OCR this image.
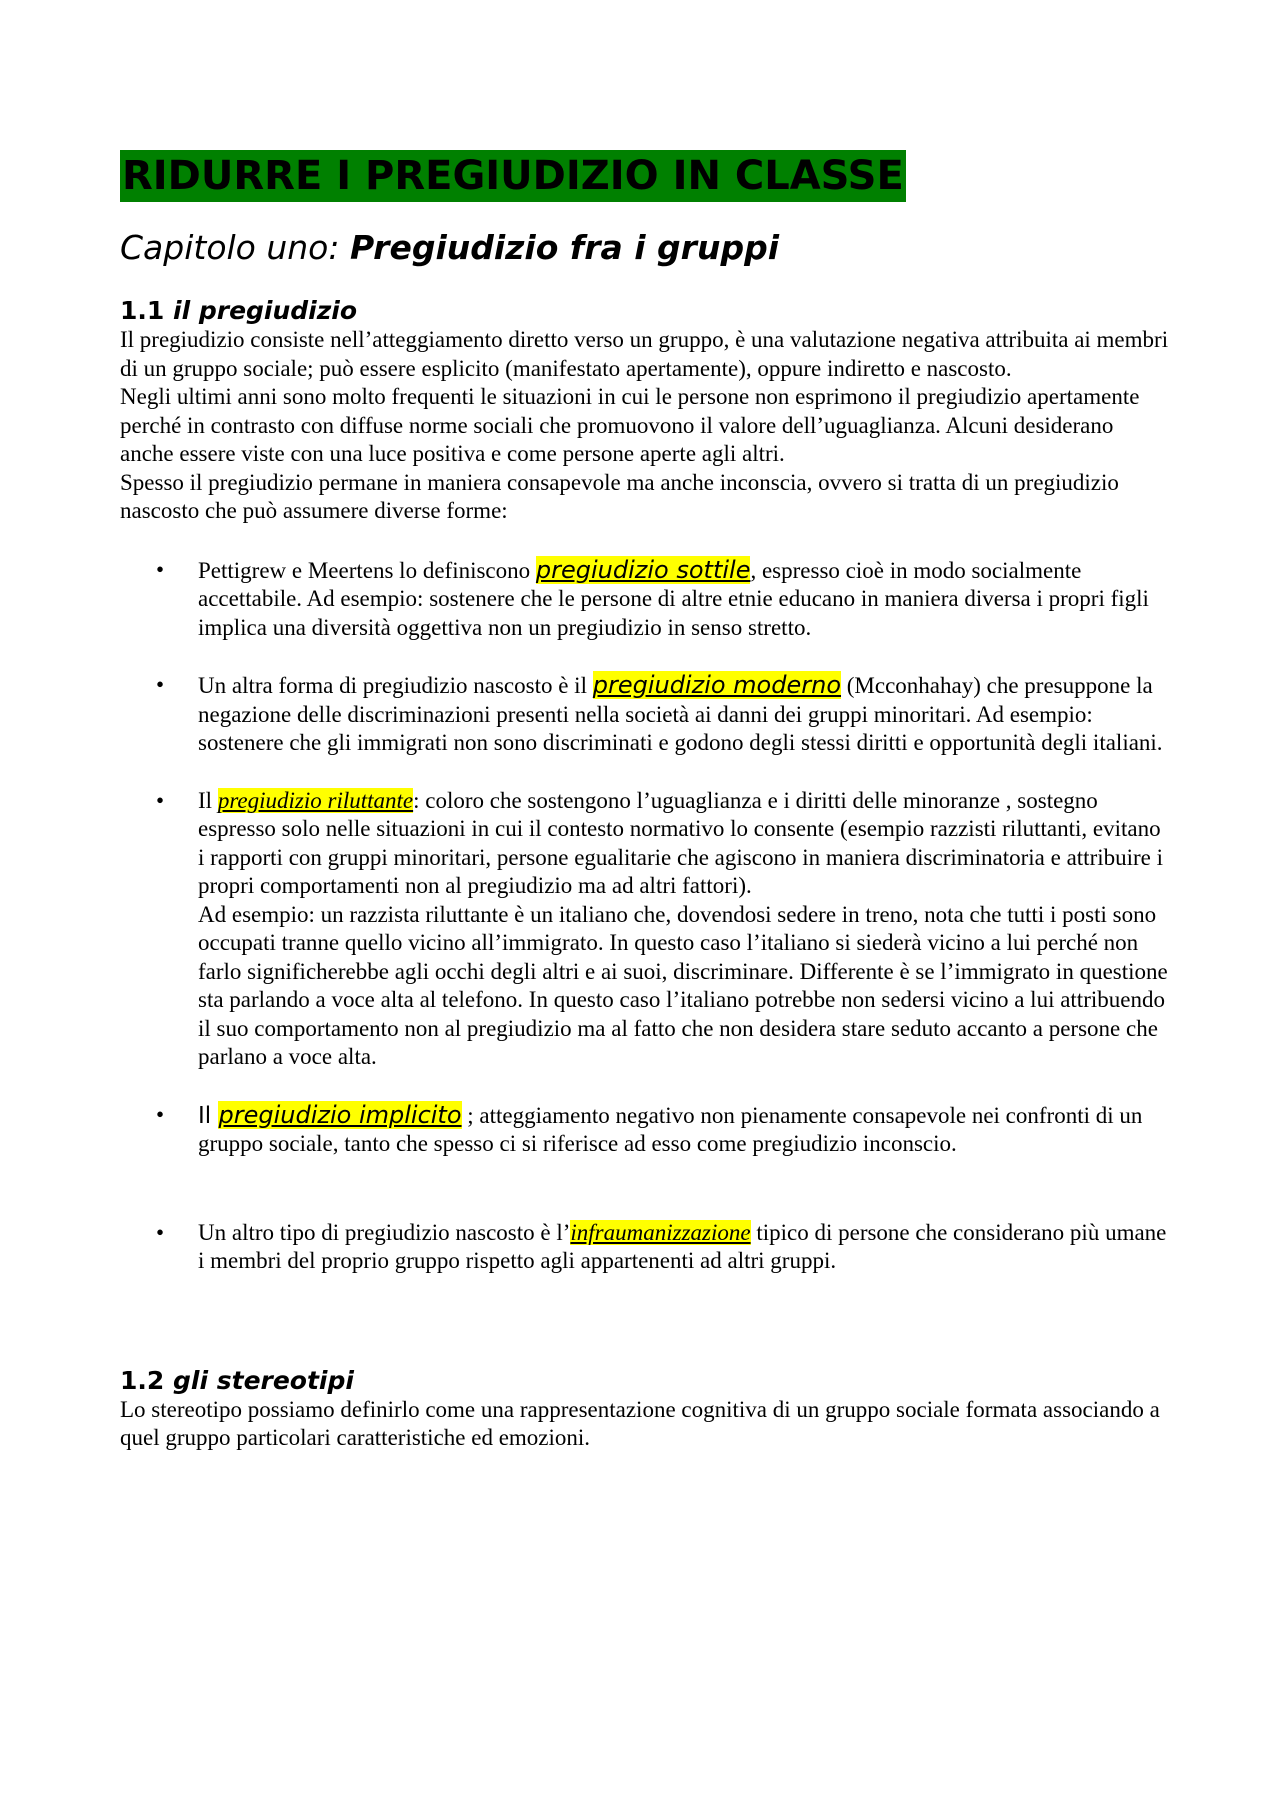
RIDURRE I PREGIUDIZIO IN CLASSE
Capitolo uno: Pregiudizio fra i gruppi
1.1 il pregiudizio

Il pregiudizio consiste nell’atteggiamento diretto verso un gruppo, è una valutazione negativa attribuita ai membri di un gruppo sociale; può essere esplicito (manifestato apertamente), oppure indiretto e nascosto.

Negli ultimi anni sono molto frequenti le situazioni in cui le persone non esprimono il pregiudizio apertamente perché in contrasto con diffuse norme sociali che promuovono il valore dell’uguaglianza. Alcuni desiderano anche essere viste con una luce positiva e come persone aperte agli altri.

Spesso il pregiudizio permane in maniera consapevole ma anche inconscia, ovvero si tratta di un pregiudizio nascosto che può assumere diverse forme:

• Pettigrew e Meertens lo definiscono pregiudizio sottile, espresso cioè in modo socialmente accettabile. Ad esempio: sostenere che le persone di altre etnie educano in maniera diversa i propri figli implica una diversità oggettiva non un pregiudizio in senso stretto.
• Un altra forma di pregiudizio nascosto è il pregiudizio moderno (Mcconhahay) che presuppone la negazione delle discriminazioni presenti nella società ai danni dei gruppi minoritari. Ad esempio: sostenere che gli immigrati non sono discriminati e godono degli stessi diritti e opportunità degli italiani.
• Il pregiudizio riluttante: coloro che sostengono l’uguaglianza e i diritti delle minoranze , sostegno espresso solo nelle situazioni in cui il contesto normativo lo consente (esempio razzisti riluttanti, evitano i rapporti con gruppi minoritari, persone egualitarie che agiscono in maniera discriminatoria e attribuire i propri comportamenti non al pregiudizio ma ad altri fattori).
Ad esempio: un razzista riluttante è un italiano che, dovendosi sedere in treno, nota che tutti i posti sono occupati tranne quello vicino all’immigrato. In questo caso l’italiano si siederà vicino a lui perché non farlo significherebbe agli occhi degli altri e ai suoi, discriminare. Differente è se l’immigrato in questione sta parlando a voce alta al telefono. In questo caso l’italiano potrebbe non sedersi vicino a lui attribuendo il suo comportamento non al pregiudizio ma al fatto che non desidera stare seduto accanto a persone che parlano a voce alta.
• Il pregiudizio implicito ; atteggiamento negativo non pienamente consapevole nei confronti di un gruppo sociale, tanto che spesso ci si riferisce ad esso come pregiudizio inconscio.
• Un altro tipo di pregiudizio nascosto è l’infraumanizzazione tipico di persone che considerano più umane i membri del proprio gruppo rispetto agli appartenenti ad altri gruppi.
1.2 gli stereotipi

Lo stereotipo possiamo definirlo come una rappresentazione cognitiva di un gruppo sociale formata associando a quel gruppo particolari caratteristiche ed emozioni.
